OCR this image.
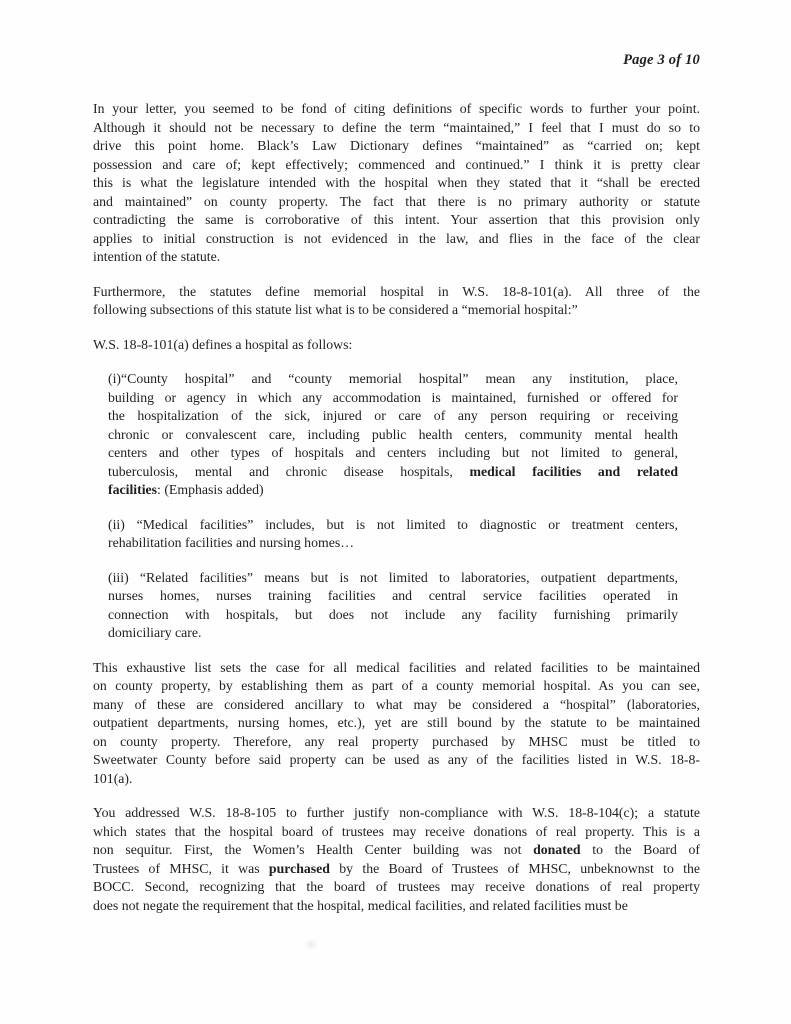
Page 3 of 10
In your letter, you seemed to be fond of citing definitions of specific words to further your point.
Although it should not be necessary to define the term “maintained,” I feel that I must do so to
drive this point home. Black’s Law Dictionary defines “maintained” as “carried on; kept
possession and care of; kept effectively; commenced and continued.” I think it is pretty clear
this is what the legislature intended with the hospital when they stated that it “shall be erected
and maintained” on county property. The fact that there is no primary authority or statute
contradicting the same is corroborative of this intent. Your assertion that this provision only
applies to initial construction is not evidenced in the law, and flies in the face of the clear
intention of the statute.
Furthermore, the statutes define memorial hospital in W.S. 18-8-101(a). All three of the
following subsections of this statute list what is to be considered a “memorial hospital:”
W.S. 18-8-101(a) defines a hospital as follows:
(i)“County hospital” and “county memorial hospital” mean any institution, place,
building or agency in which any accommodation is maintained, furnished or offered for
the hospitalization of the sick, injured or care of any person requiring or receiving
chronic or convalescent care, including public health centers, community mental health
centers and other types of hospitals and centers including but not limited to general,
tuberculosis, mental and chronic disease hospitals, medical facilities and related
facilities: (Emphasis added)
(ii) “Medical facilities” includes, but is not limited to diagnostic or treatment centers,
rehabilitation facilities and nursing homes…
(iii) “Related facilities” means but is not limited to laboratories, outpatient departments,
nurses homes, nurses training facilities and central service facilities operated in
connection with hospitals, but does not include any facility furnishing primarily
domiciliary care.
This exhaustive list sets the case for all medical facilities and related facilities to be maintained
on county property, by establishing them as part of a county memorial hospital. As you can see,
many of these are considered ancillary to what may be considered a “hospital” (laboratories,
outpatient departments, nursing homes, etc.), yet are still bound by the statute to be maintained
on county property. Therefore, any real property purchased by MHSC must be titled to
Sweetwater County before said property can be used as any of the facilities listed in W.S. 18-8-
101(a).
You addressed W.S. 18-8-105 to further justify non-compliance with W.S. 18-8-104(c); a statute
which states that the hospital board of trustees may receive donations of real property. This is a
non sequitur. First, the Women’s Health Center building was not donated to the Board of
Trustees of MHSC, it was purchased by the Board of Trustees of MHSC, unbeknownst to the
BOCC. Second, recognizing that the board of trustees may receive donations of real property
does not negate the requirement that the hospital, medical facilities, and related facilities must be
